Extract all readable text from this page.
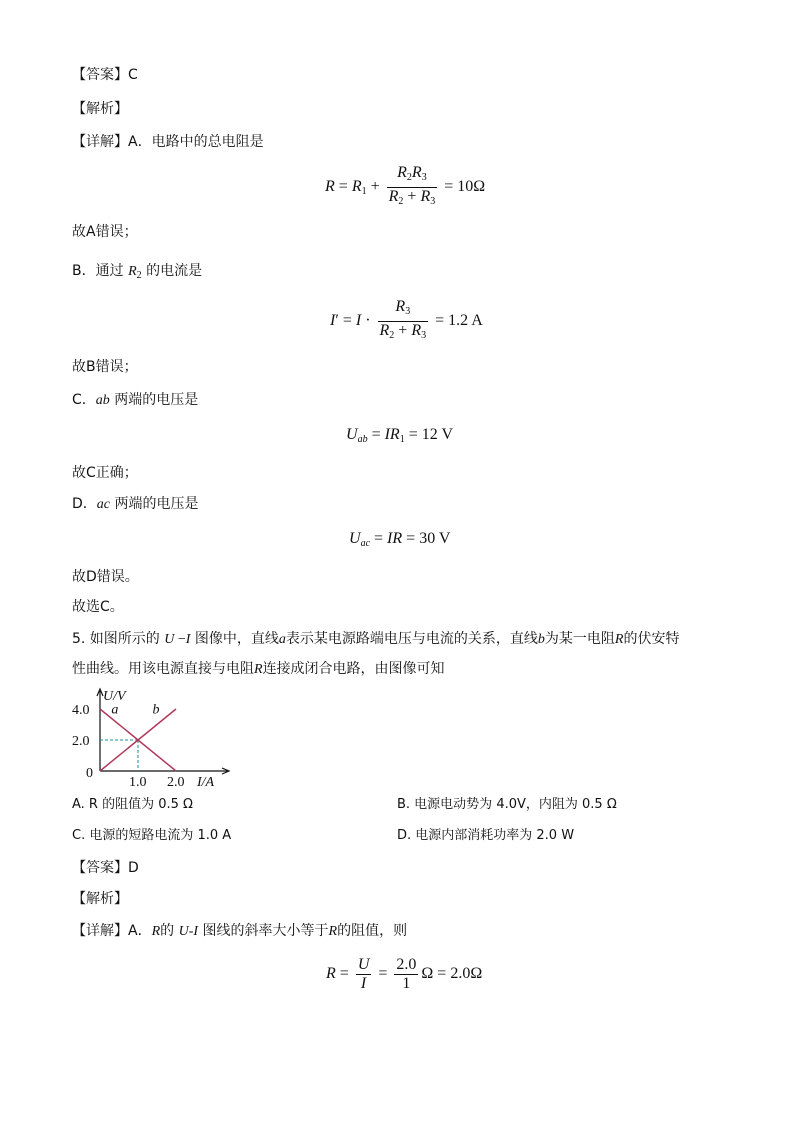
【答案】C
【解析】
【详解】A．电路中的总电阻是
$R = R_1 + \frac{R_2R_3}{R_2 + R_3} = 10\Omega$
故A错误；
B．通过 $R_2$ 的电流是
$I' = I \cdot \frac{R_3}{R_2 + R_3} = 1.2$ A
故B错误；
C．ab 两端的电压是
$U_{ab} = IR_1 = 12$ V
故C正确；
D．ac 两端的电压是
$U_{ac}$ = IR = 30 V
故D错误。
故选C。
5. 如图所示的 U −I 图像中，直线a表示某电源路端电压与电流的关系，直线b为某一电阻R的伏安特
性曲线。用该电源直接与电阻R连接成闭合电路，由图像可知
a b
4.0
2.0
1.0 2.0
0
U/V
I/A
A. R 的阻值为 0.5 Ω	B. 电源电动势为 4.0V，内阻为 0.5 Ω
C. 电源的短路电流为 1.0 A	D. 电源内部消耗功率为 2.0 W
【答案】D
【解析】
【详解】A．R的 U-I 图线的斜率大小等于R的阻值，则
$R = \frac{U}{I} = \frac{2.0}{1}$ Ω = 2.0Ω
